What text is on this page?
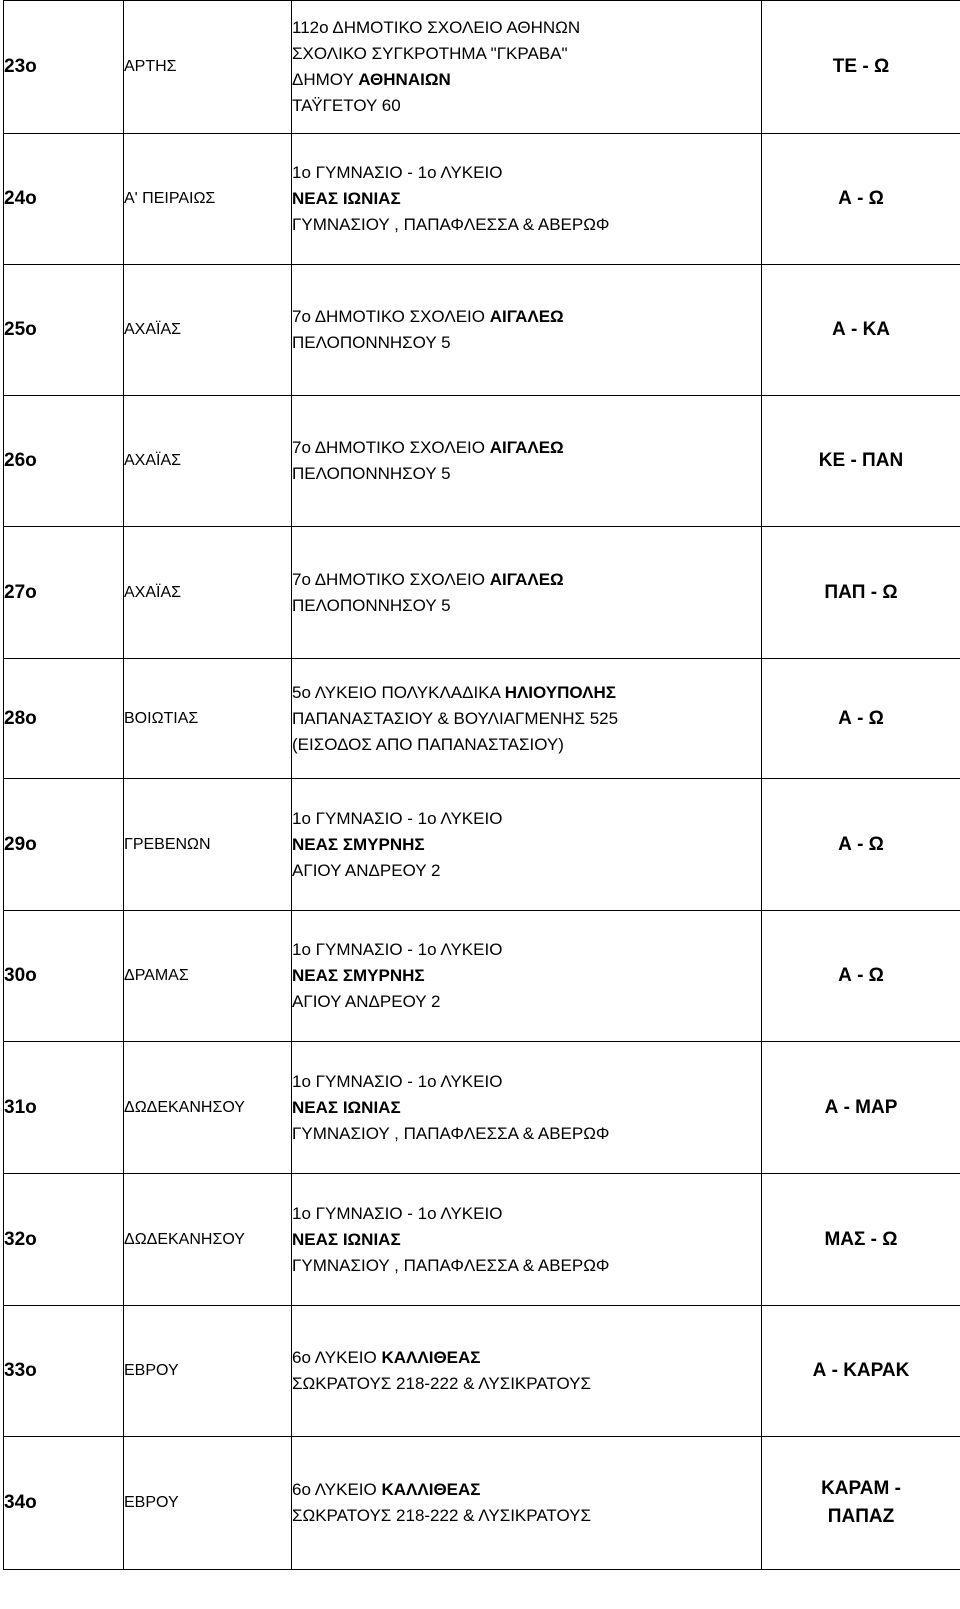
23ο	ΑΡΤΗΣ	112ο ΔΗΜΟΤΙΚΟ ΣΧΟΛΕΙΟ ΑΘΗΝΩΝ
ΣΧΟΛΙΚΟ ΣΥΓΚΡΟΤΗΜΑ "ΓΚΡΑΒΑ"
ΔΗΜΟΥ ΑΘΗΝΑΙΩΝ
ΤΑΫΓΕΤΟΥ 60	ΤΕ - Ω
24ο	Α' ΠΕΙΡΑΙΩΣ	1ο ΓΥΜΝΑΣΙΟ - 1ο ΛΥΚΕΙΟ
ΝΕΑΣ ΙΩΝΙΑΣ
ΓΥΜΝΑΣΙΟΥ , ΠΑΠΑΦΛΕΣΣΑ & ΑΒΕΡΩΦ	Α - Ω
25ο	ΑΧΑΪΑΣ	7ο ΔΗΜΟΤΙΚΟ ΣΧΟΛΕΙΟ ΑΙΓΑΛΕΩ
ΠΕΛΟΠΟΝΝΗΣΟΥ 5	Α - ΚΑ
26ο	ΑΧΑΪΑΣ	7ο ΔΗΜΟΤΙΚΟ ΣΧΟΛΕΙΟ ΑΙΓΑΛΕΩ
ΠΕΛΟΠΟΝΝΗΣΟΥ 5	ΚΕ - ΠΑΝ
27ο	ΑΧΑΪΑΣ	7ο ΔΗΜΟΤΙΚΟ ΣΧΟΛΕΙΟ ΑΙΓΑΛΕΩ
ΠΕΛΟΠΟΝΝΗΣΟΥ 5	ΠΑΠ - Ω
28ο	ΒΟΙΩΤΙΑΣ	5ο ΛΥΚΕΙΟ ΠΟΛΥΚΛΑΔΙΚΑ ΗΛΙΟΥΠΟΛΗΣ
ΠΑΠΑΝΑΣΤΑΣΙΟΥ & ΒΟΥΛΙΑΓΜΕΝΗΣ 525
(ΕΙΣΟΔΟΣ ΑΠΟ ΠΑΠΑΝΑΣΤΑΣΙΟΥ)	Α - Ω
29ο	ΓΡΕΒΕΝΩΝ	1ο ΓΥΜΝΑΣΙΟ - 1ο ΛΥΚΕΙΟ
ΝΕΑΣ ΣΜΥΡΝΗΣ
ΑΓΙΟΥ ΑΝΔΡΕΟΥ 2	Α - Ω
30ο	ΔΡΑΜΑΣ	1ο ΓΥΜΝΑΣΙΟ - 1ο ΛΥΚΕΙΟ
ΝΕΑΣ ΣΜΥΡΝΗΣ
ΑΓΙΟΥ ΑΝΔΡΕΟΥ 2	Α - Ω
31ο	ΔΩΔΕΚΑΝΗΣΟΥ	1ο ΓΥΜΝΑΣΙΟ - 1ο ΛΥΚΕΙΟ
ΝΕΑΣ ΙΩΝΙΑΣ
ΓΥΜΝΑΣΙΟΥ , ΠΑΠΑΦΛΕΣΣΑ & ΑΒΕΡΩΦ	Α - ΜΑΡ
32ο	ΔΩΔΕΚΑΝΗΣΟΥ	1ο ΓΥΜΝΑΣΙΟ - 1ο ΛΥΚΕΙΟ
ΝΕΑΣ ΙΩΝΙΑΣ
ΓΥΜΝΑΣΙΟΥ , ΠΑΠΑΦΛΕΣΣΑ & ΑΒΕΡΩΦ	ΜΑΣ - Ω
33ο	ΕΒΡΟΥ	6ο ΛΥΚΕΙΟ ΚΑΛΛΙΘΕΑΣ
ΣΩΚΡΑΤΟΥΣ 218-222 & ΛΥΣΙΚΡΑΤΟΥΣ	Α - ΚΑΡΑΚ
34ο	ΕΒΡΟΥ	6ο ΛΥΚΕΙΟ ΚΑΛΛΙΘΕΑΣ
ΣΩΚΡΑΤΟΥΣ 218-222 & ΛΥΣΙΚΡΑΤΟΥΣ	ΚΑΡΑΜ - ΠΑΠΑΖ
